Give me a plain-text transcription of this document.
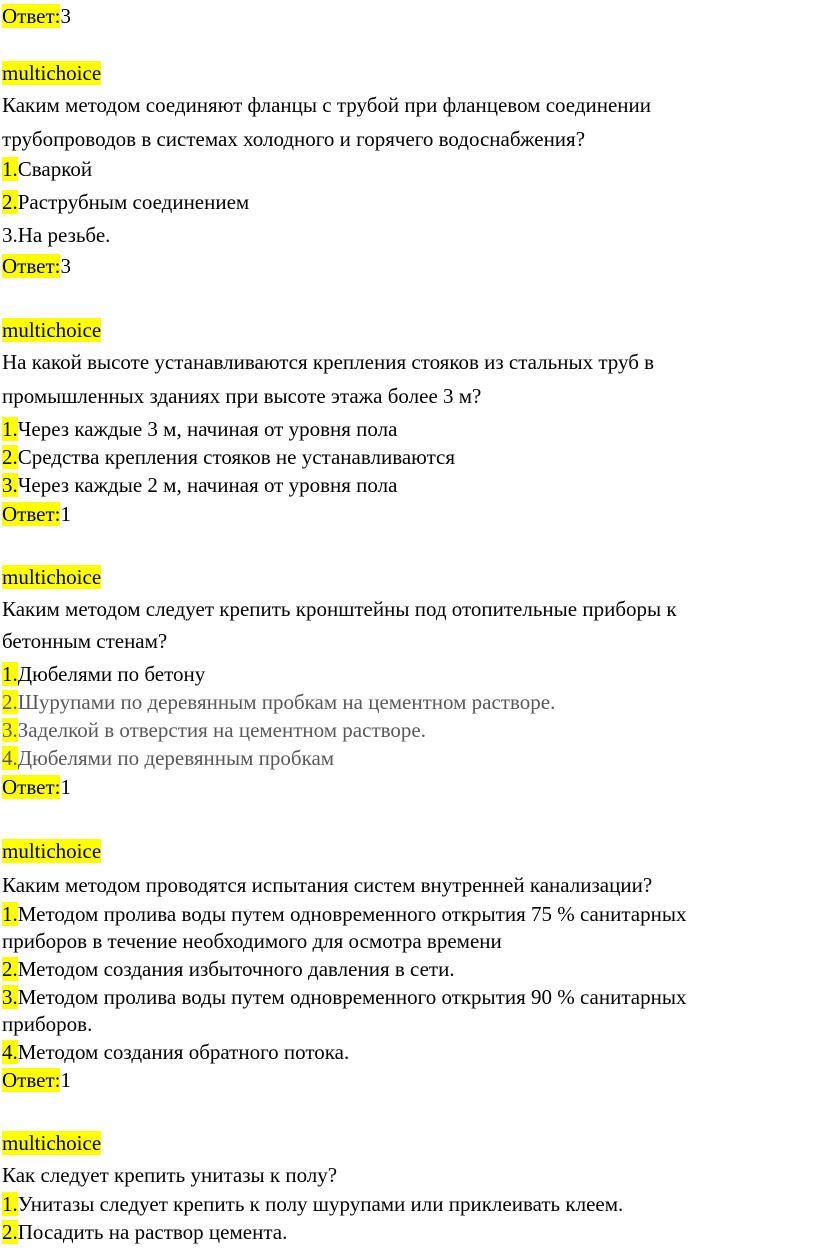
Ответ:3
multichoice
Каким методом соединяют фланцы с трубой при фланцевом соединении
трубопроводов в системах холодного и горячего водоснабжения?
1.Сваркой
2.Раструбным соединением
3.На резьбе.
Ответ:3
multichoice
На какой высоте устанавливаются крепления стояков из стальных труб в
промышленных зданиях при высоте этажа более 3 м?
1.Через каждые 3 м, начиная от уровня пола
2.Средства крепления стояков не устанавливаются
3.Через каждые 2 м, начиная от уровня пола
Ответ:1
multichoice
Каким методом следует крепить кронштейны под отопительные приборы к
бетонным стенам?
1.Дюбелями по бетону
2.Шурупами по деревянным пробкам на цементном растворе.
3.Заделкой в отверстия на цементном растворе.
4.Дюбелями по деревянным пробкам
Ответ:1
multichoice
Каким методом проводятся испытания систем внутренней канализации?
1.Методом пролива воды путем одновременного открытия 75 % санитарных
приборов в течение необходимого для осмотра времени
2.Методом создания избыточного давления в сети.
3.Методом пролива воды путем одновременного открытия 90 % санитарных
приборов.
4.Методом создания обратного потока.
Ответ:1
multichoice
Как следует крепить унитазы к полу?
1.Унитазы следует крепить к полу шурупами или приклеивать клеем.
2.Посадить на раствор цемента.
